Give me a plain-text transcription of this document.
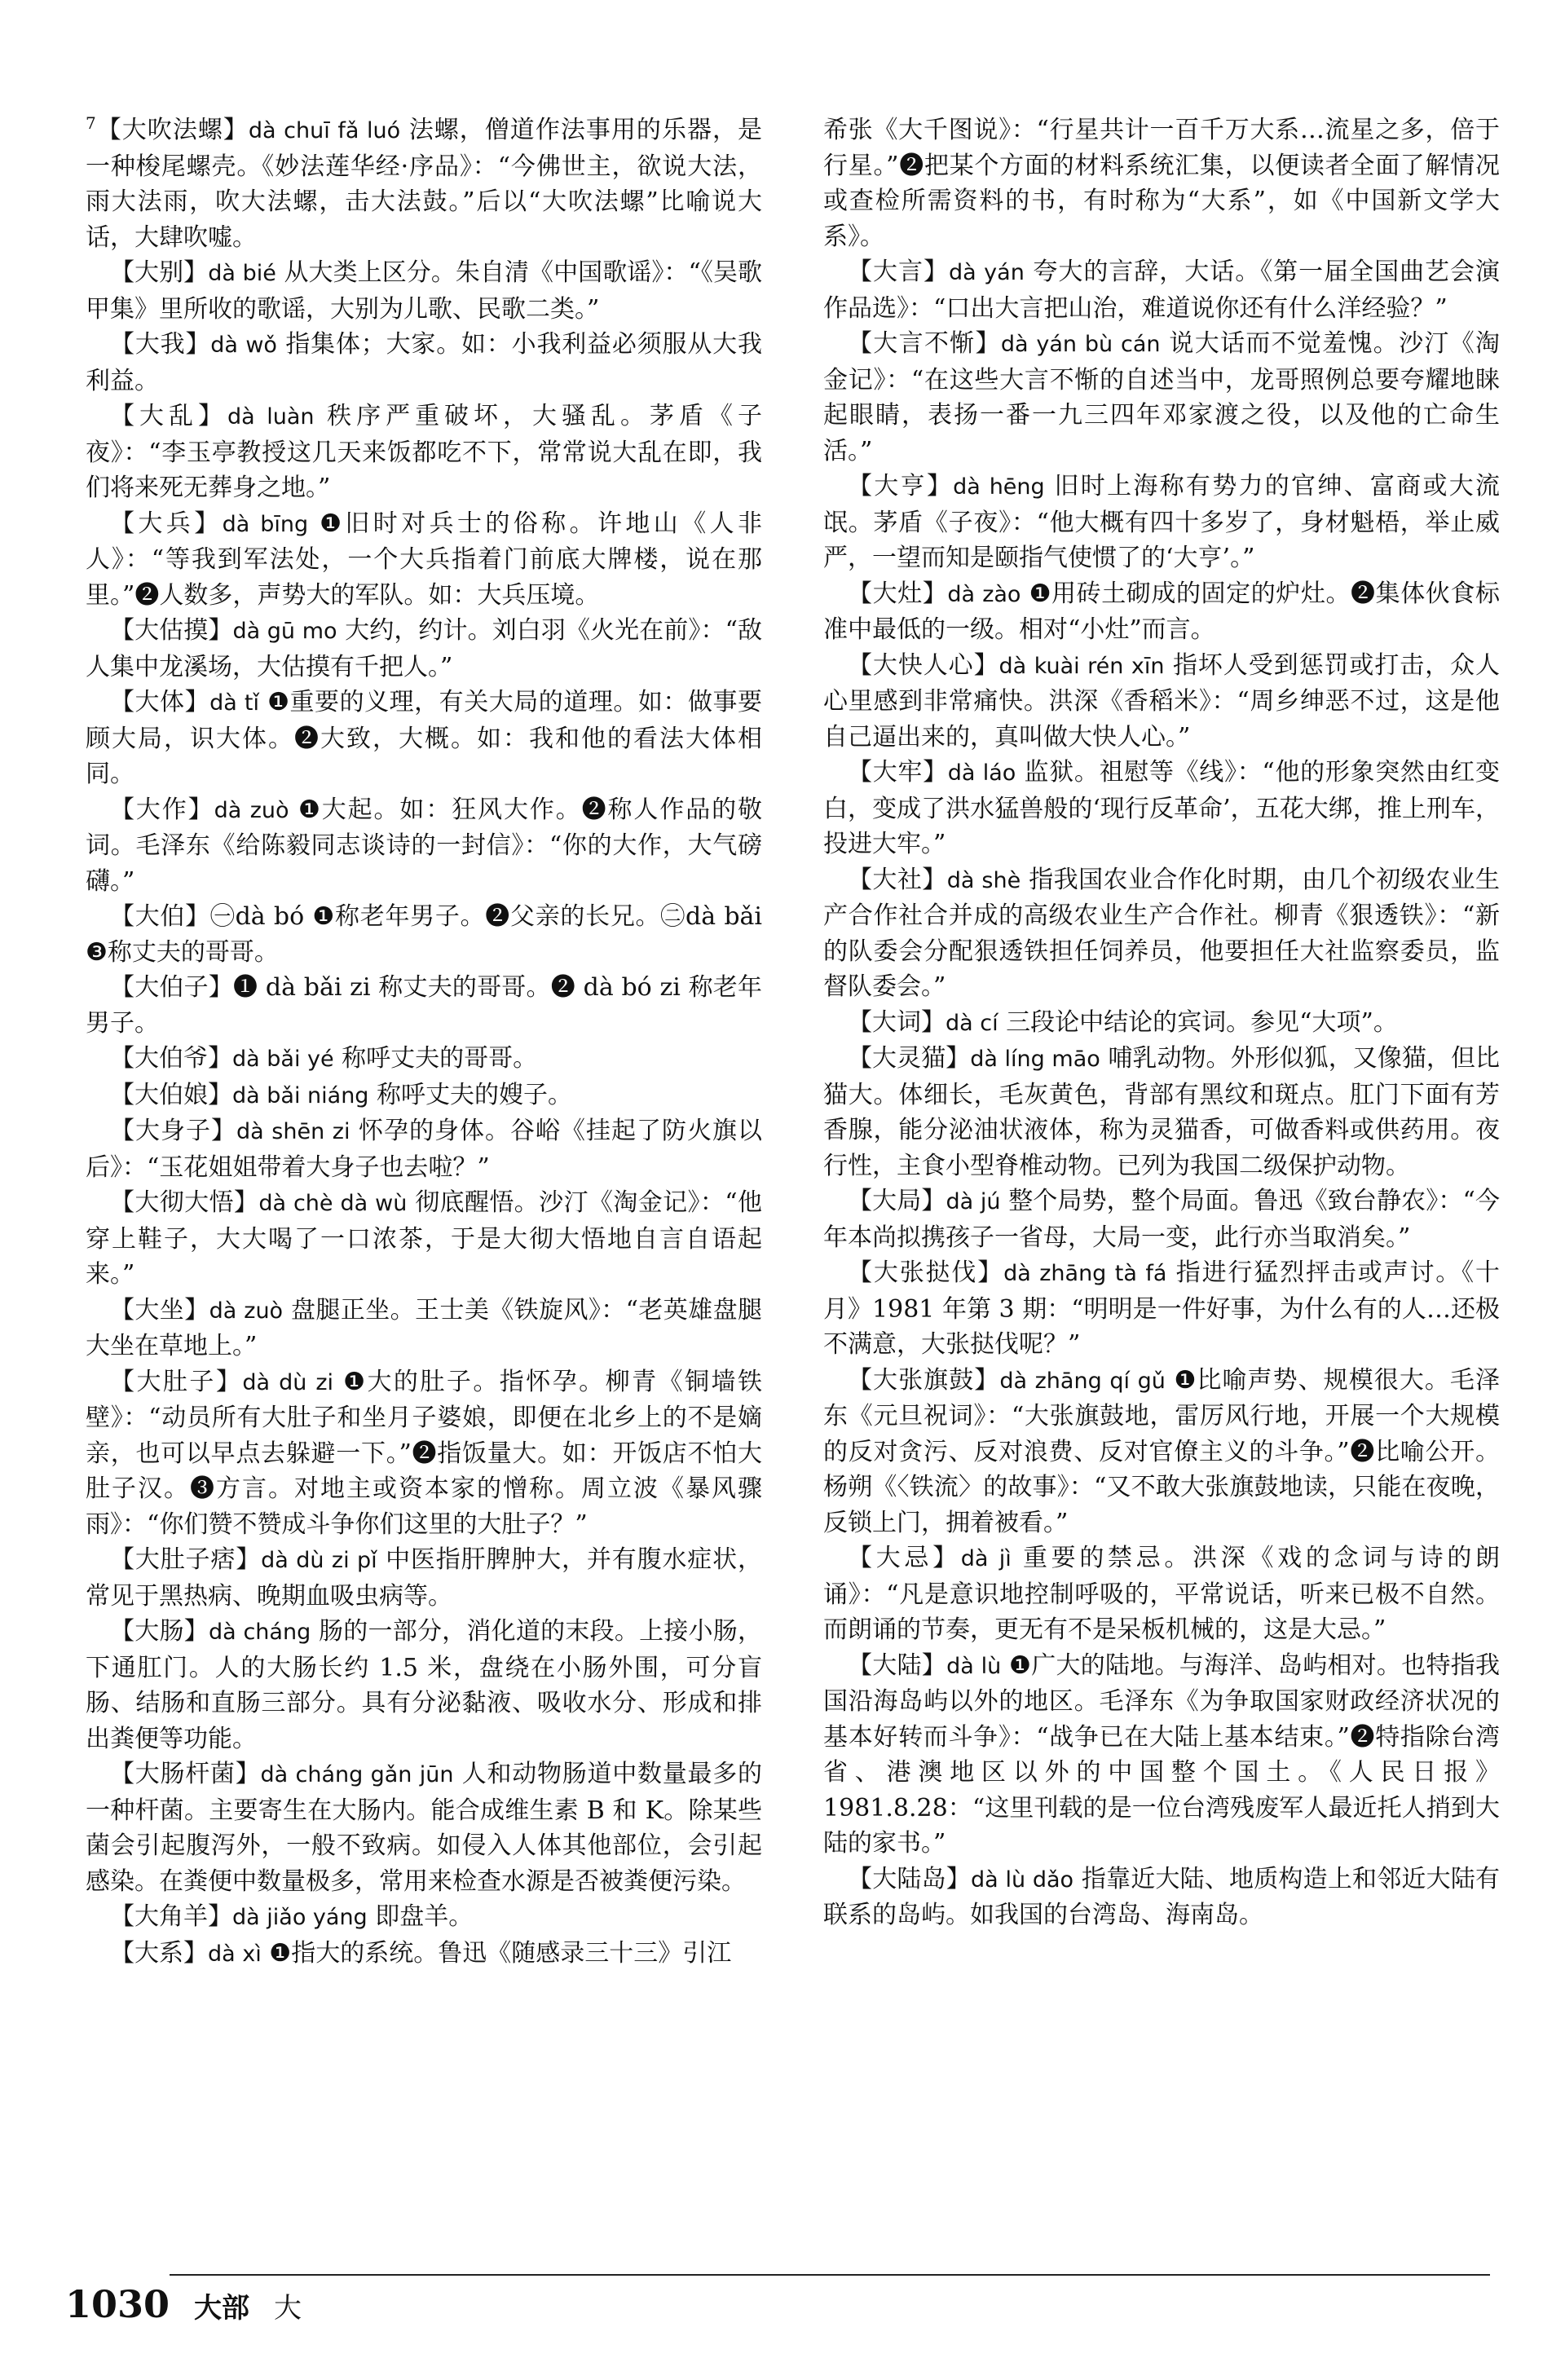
$^7$【大吹法螺】dà chuī fǎ luó 法螺，僧道作法事用的乐器，是一种梭尾螺壳。《妙法莲华经·序品》：“今佛世主，欲说大法，雨大法雨，吹大法螺，击大法鼓。”后以“大吹法螺”比喻说大话，大肆吹嘘。

【大别】dà bié 从大类上区分。朱自清《中国歌谣》：“《吴歌甲集》里所收的歌谣，大别为儿歌、民歌二类。”

【大我】dà wǒ 指集体；大家。如：小我利益必须服从大我利益。

【大乱】dà luàn 秩序严重破坏，大骚乱。茅盾《子夜》：“李玉亭教授这几天来饭都吃不下，常常说大乱在即，我们将来死无葬身之地。”

【大兵】dà bīng ❶旧时对兵士的俗称。许地山《人非人》：“等我到军法处，一个大兵指着门前底大牌楼，说在那里。”❷人数多，声势大的军队。如：大兵压境。

【大估摸】dà gū mo 大约，约计。刘白羽《火光在前》：“敌人集中龙溪场，大估摸有千把人。”

【大体】dà tǐ ❶重要的义理，有关大局的道理。如：做事要顾大局，识大体。❷大致，大概。如：我和他的看法大体相同。

【大作】dà zuò ❶大起。如：狂风大作。❷称人作品的敬词。毛泽东《给陈毅同志谈诗的一封信》：“你的大作，大气磅礴。”

【大伯】㊀dà bó ❶称老年男子。❷父亲的长兄。㊁dà bǎi ❸称丈夫的哥哥。

【大伯子】❶ dà bǎi zi 称丈夫的哥哥。❷ dà bó zi 称老年男子。

【大伯爷】dà bǎi yé 称呼丈夫的哥哥。

【大伯娘】dà bǎi niáng 称呼丈夫的嫂子。

【大身子】dà shēn zi 怀孕的身体。谷峪《挂起了防火旗以后》：“玉花姐姐带着大身子也去啦？”

【大彻大悟】dà chè dà wù 彻底醒悟。沙汀《淘金记》：“他穿上鞋子，大大喝了一口浓茶，于是大彻大悟地自言自语起来。”

【大坐】dà zuò 盘腿正坐。王士美《铁旋风》：“老英雄盘腿大坐在草地上。”

【大肚子】dà dù zi ❶大的肚子。指怀孕。柳青《铜墙铁壁》：“动员所有大肚子和坐月子婆娘，即便在北乡上的不是嫡亲，也可以早点去躲避一下。”❷指饭量大。如：开饭店不怕大肚子汉。❸方言。对地主或资本家的憎称。周立波《暴风骤雨》：“你们赞不赞成斗争你们这里的大肚子？”

【大肚子痞】dà dù zi pǐ 中医指肝脾肿大，并有腹水症状，常见于黑热病、晚期血吸虫病等。

【大肠】dà cháng 肠的一部分，消化道的末段。上接小肠，下通肛门。人的大肠长约 1.5 米，盘绕在小肠外围，可分盲肠、结肠和直肠三部分。具有分泌黏液、吸收水分、形成和排出粪便等功能。

【大肠杆菌】dà cháng gǎn jūn 人和动物肠道中数量最多的一种杆菌。主要寄生在大肠内。能合成维生素 B 和 K。除某些菌会引起腹泻外，一般不致病。如侵入人体其他部位，会引起感染。在粪便中数量极多，常用来检查水源是否被粪便污染。

【大角羊】dà jiǎo yáng 即盘羊。

【大系】dà xì ❶指大的系统。鲁迅《随感录三十三》引江

希张《大千图说》：“行星共计一百千万大系…流星之多，倍于行星。”❷把某个方面的材料系统汇集，以便读者全面了解情况或查检所需资料的书，有时称为“大系”，如《中国新文学大系》。

【大言】dà yán 夸大的言辞，大话。《第一届全国曲艺会演作品选》：“口出大言把山治，难道说你还有什么洋经验？”

【大言不惭】dà yán bù cán 说大话而不觉羞愧。沙汀《淘金记》：“在这些大言不惭的自述当中，龙哥照例总要夸耀地睐起眼睛，表扬一番一九三四年邓家渡之役，以及他的亡命生活。”

【大亨】dà hēng 旧时上海称有势力的官绅、富商或大流氓。茅盾《子夜》：“他大概有四十多岁了，身材魁梧，举止威严，一望而知是颐指气使惯了的‘大亨’。”

【大灶】dà zào ❶用砖土砌成的固定的炉灶。❷集体伙食标准中最低的一级。相对“小灶”而言。

【大快人心】dà kuài rén xīn 指坏人受到惩罚或打击，众人心里感到非常痛快。洪深《香稻米》：“周乡绅恶不过，这是他自己逼出来的，真叫做大快人心。”

【大牢】dà láo 监狱。祖慰等《线》：“他的形象突然由红变白，变成了洪水猛兽般的‘现行反革命’，五花大绑，推上刑车，投进大牢。”

【大社】dà shè 指我国农业合作化时期，由几个初级农业生产合作社合并成的高级农业生产合作社。柳青《狠透铁》：“新的队委会分配狠透铁担任饲养员，他要担任大社监察委员，监督队委会。”

【大词】dà cí 三段论中结论的宾词。参见“大项”。

【大灵猫】dà líng māo 哺乳动物。外形似狐，又像猫，但比猫大。体细长，毛灰黄色，背部有黑纹和斑点。肛门下面有芳香腺，能分泌油状液体，称为灵猫香，可做香料或供药用。夜行性，主食小型脊椎动物。已列为我国二级保护动物。

【大局】dà jú 整个局势，整个局面。鲁迅《致台静农》：“今年本尚拟携孩子一省母，大局一变，此行亦当取消矣。”

【大张挞伐】dà zhāng tà fá 指进行猛烈抨击或声讨。《十月》1981 年第 3 期：“明明是一件好事，为什么有的人…还极不满意，大张挞伐呢？”

【大张旗鼓】dà zhāng qí gǔ ❶比喻声势、规模很大。毛泽东《元旦祝词》：“大张旗鼓地，雷厉风行地，开展一个大规模的反对贪污、反对浪费、反对官僚主义的斗争。”❷比喻公开。杨朔《〈铁流〉的故事》：“又不敢大张旗鼓地读，只能在夜晚，反锁上门，拥着被看。”

【大忌】dà jì 重要的禁忌。洪深《戏的念词与诗的朗诵》：“凡是意识地控制呼吸的，平常说话，听来已极不自然。而朗诵的节奏，更无有不是呆板机械的，这是大忌。”

【大陆】dà lù ❶广大的陆地。与海洋、岛屿相对。也特指我国沿海岛屿以外的地区。毛泽东《为争取国家财政经济状况的基本好转而斗争》：“战争已在大陆上基本结束。”❷特指除台湾省、港澳地区以外的中国整个国土。《人民日报》1981.8.28：“这里刊载的是一位台湾残废军人最近托人捎到大陆的家书。”

【大陆岛】dà lù dǎo 指靠近大陆、地质构造上和邻近大陆有联系的岛屿。如我国的台湾岛、海南岛。

1030 大部 大
